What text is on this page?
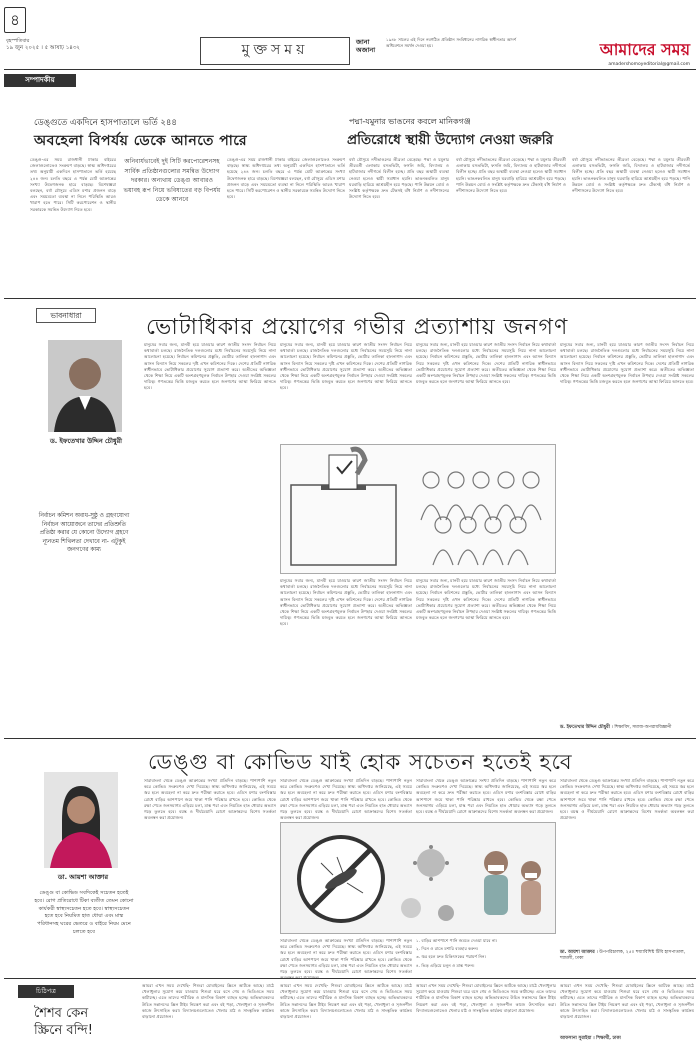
৪
বৃহস্পতিবার
১৯ জুন ২০২৫ । ৫ আষাঢ় ১৪৩২	মুক্তসময়	জানা অজানা
১৯৪৮ সালের এই দিনে নবগঠিত প্রতিষ্ঠান সংবিধানের নাগরিক স্বাধীনতার আদর্শ অধিবেশনে সমর্থন দেওয়া হয়।	আমাদের সময়
amadershomoyeditorial@gmail.com
সম্পাদকীয়
ডেঙ্গুতে একদিনে হাসপাতালে ভর্তি ২৪৪
অবহেলা বিপর্যয় ডেকে আনতে পারে
ডেঙ্গু-এর সময় রাজধানী ঢাকার বাইরের জেলাগুলোতেও সংক্রমণ বাড়ছে। স্বাস্থ্য অধিদপ্তরের তথ্য অনুযায়ী একদিনে হাসপাতালে ভর্তি হয়েছে ২৪৪ জন। চলতি বছরে এ পর্যন্ত মোট আক্রান্তের সংখ্যা উদ্বেগজনক হারে বাড়ছে। বিশেষজ্ঞরা বলছেন, বর্ষা মৌসুমে এডিস মশার প্রজনন বাড়ে এবং সময়মতো ব্যবস্থা না নিলে পরিস্থিতি আরও খারাপ হতে পারে। সিটি করপোরেশন ও স্থানীয় সরকারকে সমন্বিত উদ্যোগ নিতে হবে।
অনিবার্যভাবেই দুই সিটি করপোরেশনসহ সার্বিক প্রতিষ্ঠানগুলোর সমন্বিত উদ্যোগ দরকার। অন্যথায় ডেঙ্গু আবারও ভয়াবহ রূপ নিয়ে ভবিষ্যতের বড় বিপর্যয় ডেকে আনবে
ডেঙ্গু-এর সময় রাজধানী ঢাকার বাইরের জেলাগুলোতেও সংক্রমণ বাড়ছে। স্বাস্থ্য অধিদপ্তরের তথ্য অনুযায়ী একদিনে হাসপাতালে ভর্তি হয়েছে ২৪৪ জন। চলতি বছরে এ পর্যন্ত মোট আক্রান্তের সংখ্যা উদ্বেগজনক হারে বাড়ছে। বিশেষজ্ঞরা বলছেন, বর্ষা মৌসুমে এডিস মশার প্রজনন বাড়ে এবং সময়মতো ব্যবস্থা না নিলে পরিস্থিতি আরও খারাপ হতে পারে। সিটি করপোরেশন ও স্থানীয় সরকারকে সমন্বিত উদ্যোগ নিতে হবে।
পদ্মা-যমুনার ভাঙনের কবলে মানিকগঞ্জ
প্রতিরোধে স্থায়ী উদ্যোগ নেওয়া জরুরি
বর্ষা মৌসুমে নদীভাঙনের তীব্রতা বেড়েছে। পদ্মা ও যমুনার তীরবর্তী এলাকায় বসতভিটা, ফসলি জমি, বিদ্যালয় ও হাটবাজার নদীগর্ভে বিলীন হচ্ছে। প্রতি বছর অস্থায়ী ব্যবস্থা নেওয়া হলেও স্থায়ী সমাধান হয়নি। ভাঙনকবলিত মানুষ ঘরবাড়ি হারিয়ে আশ্রয়হীন হয়ে পড়ছে। পানি উন্নয়ন বোর্ড ও সংশ্লিষ্ট কর্তৃপক্ষকে দ্রুত টেকসই বাঁধ নির্মাণ ও নদীশাসনের উদ্যোগ নিতে হবে।
বর্ষা মৌসুমে নদীভাঙনের তীব্রতা বেড়েছে। পদ্মা ও যমুনার তীরবর্তী এলাকায় বসতভিটা, ফসলি জমি, বিদ্যালয় ও হাটবাজার নদীগর্ভে বিলীন হচ্ছে। প্রতি বছর অস্থায়ী ব্যবস্থা নেওয়া হলেও স্থায়ী সমাধান হয়নি। ভাঙনকবলিত মানুষ ঘরবাড়ি হারিয়ে আশ্রয়হীন হয়ে পড়ছে। পানি উন্নয়ন বোর্ড ও সংশ্লিষ্ট কর্তৃপক্ষকে দ্রুত টেকসই বাঁধ নির্মাণ ও নদীশাসনের উদ্যোগ নিতে হবে।
বর্ষা মৌসুমে নদীভাঙনের তীব্রতা বেড়েছে। পদ্মা ও যমুনার তীরবর্তী এলাকায় বসতভিটা, ফসলি জমি, বিদ্যালয় ও হাটবাজার নদীগর্ভে বিলীন হচ্ছে। প্রতি বছর অস্থায়ী ব্যবস্থা নেওয়া হলেও স্থায়ী সমাধান হয়নি। ভাঙনকবলিত মানুষ ঘরবাড়ি হারিয়ে আশ্রয়হীন হয়ে পড়ছে। পানি উন্নয়ন বোর্ড ও সংশ্লিষ্ট কর্তৃপক্ষকে দ্রুত টেকসই বাঁধ নির্মাণ ও নদীশাসনের উদ্যোগ নিতে হবে।
ভাবনাধারা	ভোটাধিকার প্রয়োগের গভীর প্রত্যাশায় জনগণ
ড. ইফতেখার উদ্দিন চৌধুরী
নির্বাচন কমিশন অবাধ-সুষ্ঠু ও গ্রহণযোগ্য নির্বাচন আয়োজনে তাদের প্রতিশ্রুতি প্রতিষ্ঠা করার যে কোনো উদ্যোগ গ্রহণে ন্যূনতম শিথিলতা দেখাবে না- এটুকুই জনগণের কাম্য
মানুষের সবার জন্য, মানবী হয়ে যাওয়ার কারণ জাতীয় সংসদ নির্বাচন নিয়ে কথাবার্তা চলছে। রাজনৈতিক দলগুলোর মধ্যে নির্বাচনের সময়সূচি নিয়ে নানা আলোচনা হয়েছে। নির্বাচন কমিশনের প্রস্তুতি, ভোটার তালিকা হালনাগাদ এবং আসন বিন্যাস নিয়ে সকলের দৃষ্টি এখন কমিশনের দিকে। দেশের প্রতিটি নাগরিক স্বাধীনভাবে ভোটাধিকার প্রয়োগের সুযোগ প্রত্যাশা করে। অতীতের অভিজ্ঞতা থেকে শিক্ষা নিয়ে একটি অংশগ্রহণমূলক নির্বাচন উপহার দেওয়া সংশ্লিষ্ট সকলের দায়িত্ব। গণতন্ত্রের ভিত্তি মজবুত করতে হলে জনগণের আস্থা ফিরিয়ে আনতে হবে।
মানুষের সবার জন্য, মানবী হয়ে যাওয়ার কারণ জাতীয় সংসদ নির্বাচন নিয়ে কথাবার্তা চলছে। রাজনৈতিক দলগুলোর মধ্যে নির্বাচনের সময়সূচি নিয়ে নানা আলোচনা হয়েছে। নির্বাচন কমিশনের প্রস্তুতি, ভোটার তালিকা হালনাগাদ এবং আসন বিন্যাস নিয়ে সকলের দৃষ্টি এখন কমিশনের দিকে। দেশের প্রতিটি নাগরিক স্বাধীনভাবে ভোটাধিকার প্রয়োগের সুযোগ প্রত্যাশা করে। অতীতের অভিজ্ঞতা থেকে শিক্ষা নিয়ে একটি অংশগ্রহণমূলক নির্বাচন উপহার দেওয়া সংশ্লিষ্ট সকলের দায়িত্ব। গণতন্ত্রের ভিত্তি মজবুত করতে হলে জনগণের আস্থা ফিরিয়ে আনতে হবে।
মানুষের সবার জন্য, মানবী হয়ে যাওয়ার কারণ জাতীয় সংসদ নির্বাচন নিয়ে কথাবার্তা চলছে। রাজনৈতিক দলগুলোর মধ্যে নির্বাচনের সময়সূচি নিয়ে নানা আলোচনা হয়েছে। নির্বাচন কমিশনের প্রস্তুতি, ভোটার তালিকা হালনাগাদ এবং আসন বিন্যাস নিয়ে সকলের দৃষ্টি এখন কমিশনের দিকে। দেশের প্রতিটি নাগরিক স্বাধীনভাবে ভোটাধিকার প্রয়োগের সুযোগ প্রত্যাশা করে। অতীতের অভিজ্ঞতা থেকে শিক্ষা নিয়ে একটি অংশগ্রহণমূলক নির্বাচন উপহার দেওয়া সংশ্লিষ্ট সকলের দায়িত্ব। গণতন্ত্রের ভিত্তি মজবুত করতে হলে জনগণের আস্থা ফিরিয়ে আনতে হবে।
মানুষের সবার জন্য, মানবী হয়ে যাওয়ার কারণ জাতীয় সংসদ নির্বাচন নিয়ে কথাবার্তা চলছে। রাজনৈতিক দলগুলোর মধ্যে নির্বাচনের সময়সূচি নিয়ে নানা আলোচনা হয়েছে। নির্বাচন কমিশনের প্রস্তুতি, ভোটার তালিকা হালনাগাদ এবং আসন বিন্যাস নিয়ে সকলের দৃষ্টি এখন কমিশনের দিকে। দেশের প্রতিটি নাগরিক স্বাধীনভাবে ভোটাধিকার প্রয়োগের সুযোগ প্রত্যাশা করে। অতীতের অভিজ্ঞতা থেকে শিক্ষা নিয়ে একটি অংশগ্রহণমূলক নির্বাচন উপহার দেওয়া সংশ্লিষ্ট সকলের দায়িত্ব। গণতন্ত্রের ভিত্তি মজবুত করতে হলে জনগণের আস্থা ফিরিয়ে আনতে হবে।
মানুষের সবার জন্য, মানবী হয়ে যাওয়ার কারণ জাতীয় সংসদ নির্বাচন নিয়ে কথাবার্তা চলছে। রাজনৈতিক দলগুলোর মধ্যে নির্বাচনের সময়সূচি নিয়ে নানা আলোচনা হয়েছে। নির্বাচন কমিশনের প্রস্তুতি, ভোটার তালিকা হালনাগাদ এবং আসন বিন্যাস নিয়ে সকলের দৃষ্টি এখন কমিশনের দিকে। দেশের প্রতিটি নাগরিক স্বাধীনভাবে ভোটাধিকার প্রয়োগের সুযোগ প্রত্যাশা করে। অতীতের অভিজ্ঞতা থেকে শিক্ষা নিয়ে একটি অংশগ্রহণমূলক নির্বাচন উপহার দেওয়া সংশ্লিষ্ট সকলের দায়িত্ব। গণতন্ত্রের ভিত্তি মজবুত করতে হলে জনগণের আস্থা ফিরিয়ে আনতে হবে।
মানুষের সবার জন্য, মানবী হয়ে যাওয়ার কারণ জাতীয় সংসদ নির্বাচন নিয়ে কথাবার্তা চলছে। রাজনৈতিক দলগুলোর মধ্যে নির্বাচনের সময়সূচি নিয়ে নানা আলোচনা হয়েছে। নির্বাচন কমিশনের প্রস্তুতি, ভোটার তালিকা হালনাগাদ এবং আসন বিন্যাস নিয়ে সকলের দৃষ্টি এখন কমিশনের দিকে। দেশের প্রতিটি নাগরিক স্বাধীনভাবে ভোটাধিকার প্রয়োগের সুযোগ প্রত্যাশা করে। অতীতের অভিজ্ঞতা থেকে শিক্ষা নিয়ে একটি অংশগ্রহণমূলক নির্বাচন উপহার দেওয়া সংশ্লিষ্ট সকলের দায়িত্ব। গণতন্ত্রের ভিত্তি মজবুত করতে হলে জনগণের আস্থা ফিরিয়ে আনতে হবে।
ড. ইফতেখার উদ্দিন চৌধুরী । শিক্ষাবিদ, সমাজ-অপরাধবিজ্ঞানী
ডেঙ্গু বা কোভিড যাই হোক সচেতন হতেই হবে
ডা. আয়শা আক্তার
ডেঙ্গু বা কোভিড সবদিকেই সচেতন হতেই হবে। রোগ প্রতিরোধে টিকা ব্যতীত তেমন কোনো কার্যকরী স্বাস্থ্যসচেতন হতে হবে। স্বাস্থ্যসচেতন হতে হবে নিয়মিত হাত ধোয়া এবং মাস্ক পরিধানসহ ঘরের ভেতরে ও বাইরে নিয়ম মেনে চলতে হবে
সারাবাংলা থেকে ডেঙ্গু আক্রান্তের সংখ্যা প্রতিদিন বাড়ছে। পাশাপাশি নতুন করে কোভিড সংক্রমণও দেখা দিয়েছে। স্বাস্থ্য অধিদপ্তর জানিয়েছে, এই সময়ে জ্বর হলে অবহেলা না করে দ্রুত পরীক্ষা করাতে হবে। এডিস মশার বংশবিস্তার রোধে বাড়ির আশপাশে জমে থাকা পানি পরিষ্কার রাখতে হবে। কোভিড থেকে রক্ষা পেতে জনসমাগম এড়িয়ে চলা, মাস্ক পরা এবং নিয়মিত হাত ধোয়ার অভ্যাস গড়ে তুলতে হবে। বয়স্ক ও দীর্ঘমেয়াদি রোগে আক্রান্তদের বিশেষ সতর্কতা অবলম্বন করা প্রয়োজন।
সারাবাংলা থেকে ডেঙ্গু আক্রান্তের সংখ্যা প্রতিদিন বাড়ছে। পাশাপাশি নতুন করে কোভিড সংক্রমণও দেখা দিয়েছে। স্বাস্থ্য অধিদপ্তর জানিয়েছে, এই সময়ে জ্বর হলে অবহেলা না করে দ্রুত পরীক্ষা করাতে হবে। এডিস মশার বংশবিস্তার রোধে বাড়ির আশপাশে জমে থাকা পানি পরিষ্কার রাখতে হবে। কোভিড থেকে রক্ষা পেতে জনসমাগম এড়িয়ে চলা, মাস্ক পরা এবং নিয়মিত হাত ধোয়ার অভ্যাস গড়ে তুলতে হবে। বয়স্ক ও দীর্ঘমেয়াদি রোগে আক্রান্তদের বিশেষ সতর্কতা অবলম্বন করা প্রয়োজন।
সারাবাংলা থেকে ডেঙ্গু আক্রান্তের সংখ্যা প্রতিদিন বাড়ছে। পাশাপাশি নতুন করে কোভিড সংক্রমণও দেখা দিয়েছে। স্বাস্থ্য অধিদপ্তর জানিয়েছে, এই সময়ে জ্বর হলে অবহেলা না করে দ্রুত পরীক্ষা করাতে হবে। এডিস মশার বংশবিস্তার রোধে বাড়ির আশপাশে জমে থাকা পানি পরিষ্কার রাখতে হবে। কোভিড থেকে রক্ষা পেতে জনসমাগম এড়িয়ে চলা, মাস্ক পরা এবং নিয়মিত হাত ধোয়ার অভ্যাস গড়ে তুলতে হবে। বয়স্ক ও দীর্ঘমেয়াদি রোগে আক্রান্তদের বিশেষ সতর্কতা অবলম্বন করা প্রয়োজন।
সারাবাংলা থেকে ডেঙ্গু আক্রান্তের সংখ্যা প্রতিদিন বাড়ছে। পাশাপাশি নতুন করে কোভিড সংক্রমণও দেখা দিয়েছে। স্বাস্থ্য অধিদপ্তর জানিয়েছে, এই সময়ে জ্বর হলে অবহেলা না করে দ্রুত পরীক্ষা করাতে হবে। এডিস মশার বংশবিস্তার রোধে বাড়ির আশপাশে জমে থাকা পানি পরিষ্কার রাখতে হবে। কোভিড থেকে রক্ষা পেতে জনসমাগম এড়িয়ে চলা, মাস্ক পরা এবং নিয়মিত হাত ধোয়ার অভ্যাস গড়ে তুলতে হবে। বয়স্ক ও দীর্ঘমেয়াদি রোগে আক্রান্তদের বিশেষ সতর্কতা অবলম্বন করা প্রয়োজন।

১. বাড়ির আশপাশে পানি জমতে দেওয়া যাবে না।

২. দিনে ও রাতে মশারি ব্যবহার করুন।

৩. জ্বর হলে দ্রুত চিকিৎসকের পরামর্শ নিন।

৪. ভিড় এড়িয়ে চলুন ও মাস্ক পরুন।

সারাবাংলা থেকে ডেঙ্গু আক্রান্তের সংখ্যা প্রতিদিন বাড়ছে। পাশাপাশি নতুন করে কোভিড সংক্রমণও দেখা দিয়েছে। স্বাস্থ্য অধিদপ্তর জানিয়েছে, এই সময়ে জ্বর হলে অবহেলা না করে দ্রুত পরীক্ষা করাতে হবে। এডিস মশার বংশবিস্তার রোধে বাড়ির আশপাশে জমে থাকা পানি পরিষ্কার রাখতে হবে। কোভিড থেকে রক্ষা পেতে জনসমাগম এড়িয়ে চলা, মাস্ক পরা এবং নিয়মিত হাত ধোয়ার অভ্যাস গড়ে তুলতে হবে। বয়স্ক ও দীর্ঘমেয়াদি রোগে আক্রান্তদের বিশেষ সতর্কতা অবলম্বন করা প্রয়োজন।
ডা. আয়শা আক্তার । উপপরিচালক, ২৫০ শয্যাবিশিষ্ট টিবি হাসপাতাল, শ্যামলী, ঢাকা
চিঠিপত্র
শৈশব কেন স্ক্রিনে বন্দি!
আমরা এখন সময় দেখেছি- শিশুরা মোবাইলের স্ক্রিনে আটকে আছে। মাঠে খেলাধুলার সুযোগ কমে যাওয়ায় শিশুরা ঘরে বসে গেম ও ভিডিওতে সময় কাটাচ্ছে। এতে তাদের শারীরিক ও মানসিক বিকাশ ব্যাহত হচ্ছে। অভিভাবকদের উচিত সন্তানদের স্ক্রিন টাইম নিয়ন্ত্রণ করা এবং বই পড়া, খেলাধুলা ও সৃজনশীল কাজে উৎসাহিত করা। বিদ্যালয়গুলোতেও খেলার মাঠ ও সাংস্কৃতিক কার্যক্রম বাড়ানো প্রয়োজন।
আমরা এখন সময় দেখেছি- শিশুরা মোবাইলের স্ক্রিনে আটকে আছে। মাঠে খেলাধুলার সুযোগ কমে যাওয়ায় শিশুরা ঘরে বসে গেম ও ভিডিওতে সময় কাটাচ্ছে। এতে তাদের শারীরিক ও মানসিক বিকাশ ব্যাহত হচ্ছে। অভিভাবকদের উচিত সন্তানদের স্ক্রিন টাইম নিয়ন্ত্রণ করা এবং বই পড়া, খেলাধুলা ও সৃজনশীল কাজে উৎসাহিত করা। বিদ্যালয়গুলোতেও খেলার মাঠ ও সাংস্কৃতিক কার্যক্রম বাড়ানো প্রয়োজন।
আমরা এখন সময় দেখেছি- শিশুরা মোবাইলের স্ক্রিনে আটকে আছে। মাঠে খেলাধুলার সুযোগ কমে যাওয়ায় শিশুরা ঘরে বসে গেম ও ভিডিওতে সময় কাটাচ্ছে। এতে তাদের শারীরিক ও মানসিক বিকাশ ব্যাহত হচ্ছে। অভিভাবকদের উচিত সন্তানদের স্ক্রিন টাইম নিয়ন্ত্রণ করা এবং বই পড়া, খেলাধুলা ও সৃজনশীল কাজে উৎসাহিত করা। বিদ্যালয়গুলোতেও খেলার মাঠ ও সাংস্কৃতিক কার্যক্রম বাড়ানো প্রয়োজন।
আমরা এখন সময় দেখেছি- শিশুরা মোবাইলের স্ক্রিনে আটকে আছে। মাঠে খেলাধুলার সুযোগ কমে যাওয়ায় শিশুরা ঘরে বসে গেম ও ভিডিওতে সময় কাটাচ্ছে। এতে তাদের শারীরিক ও মানসিক বিকাশ ব্যাহত হচ্ছে। অভিভাবকদের উচিত সন্তানদের স্ক্রিন টাইম নিয়ন্ত্রণ করা এবং বই পড়া, খেলাধুলা ও সৃজনশীল কাজে উৎসাহিত করা। বিদ্যালয়গুলোতেও খেলার মাঠ ও সাংস্কৃতিক কার্যক্রম বাড়ানো প্রয়োজন।
আফসানা সুরাইয়া । শিক্ষার্থী, ঢাকা
